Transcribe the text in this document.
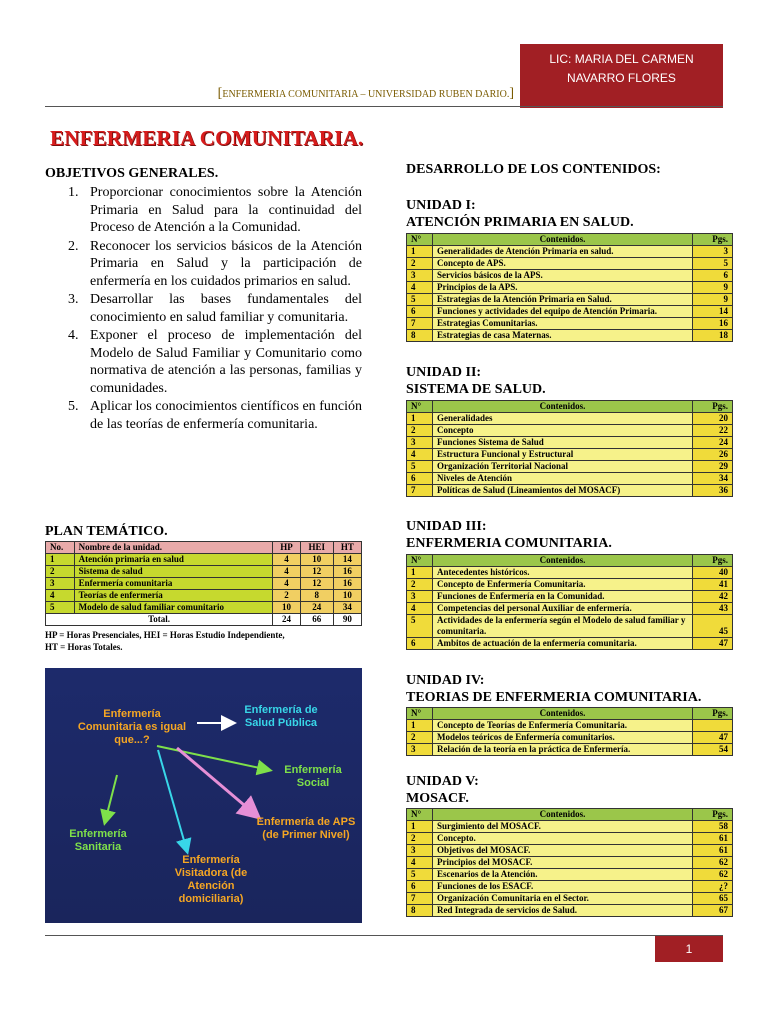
LIC: MARIA DEL CARMEN
NAVARRO FLORES
[ENFERMERIA COMUNITARIA – UNIVERSIDAD RUBEN DARIO.]
ENFERMERIA COMUNITARIA.
OBJETIVOS GENERALES.
1. Proporcionar conocimientos sobre la Atención Primaria en Salud para la continuidad del Proceso de Atención a la Comunidad.
2. Reconocer los servicios básicos de la Atención Primaria en Salud y la participación de enfermería en los cuidados primarios en salud.
3. Desarrollar las bases fundamentales del conocimiento en salud familiar y comunitaria.
4. Exponer el proceso de implementación del Modelo de Salud Familiar y Comunitario como normativa de atención a las personas, familias y comunidades.
5. Aplicar los conocimientos científicos en función de las teorías de enfermería comunitaria.
PLAN TEMÁTICO.
No.	Nombre de la unidad.	HP	HEI	HT
1	Atención primaria en salud	4	10	14
2	Sistema de salud	4	12	16
3	Enfermería comunitaria	4	12	16
4	Teorías de enfermería	2	8	10
5	Modelo de salud familiar comunitario	10	24	34
Total.		24	66	90
HP = Horas Presenciales, HEI = Horas Estudio Independiente,
HT = Horas Totales.
Enfermería Comunitaria es igual que...?
Enfermería de Salud Pública
Enfermería Social
Enfermería Sanitaria
Enfermería de APS (de Primer Nivel)
Enfermería Visitadora (de Atención domiciliaria)
DESARROLLO DE LOS CONTENIDOS:
UNIDAD I:
ATENCIÓN PRIMARIA EN SALUD.
N°	Contenidos.	Pgs.
1	Generalidades de Atención Primaria en salud.	3
2	Concepto de APS.	5
3	Servicios básicos de la APS.	6
4	Principios de la APS.	9
5	Estrategias de la Atención Primaria en Salud.	9
6	Funciones y actividades del equipo de Atención Primaria.	14
7	Estrategias Comunitarias.	16
8	Estrategias de casa Maternas.	18
UNIDAD II:
SISTEMA DE SALUD.
N°	Contenidos.	Pgs.
1	Generalidades	20
2	Concepto	22
3	Funciones Sistema de Salud	24
4	Estructura Funcional y Estructural	26
5	Organización Territorial Nacional	29
6	Niveles de Atención	34
7	Políticas de Salud (Lineamientos del MOSACF)	36
UNIDAD III:
ENFERMERIA COMUNITARIA.
N°	Contenidos.	Pgs.
1	Antecedentes históricos.	40
2	Concepto de Enfermería Comunitaria.	41
3	Funciones de Enfermería en la Comunidad.	42
4	Competencias del personal Auxiliar de enfermería.	43
5	Actividades de la enfermería según el Modelo de salud familiar y comunitaria.	45
6	Ambitos de actuación de la enfermería comunitaria.	47
UNIDAD IV:
TEORIAS DE ENFERMERIA COMUNITARIA.
N°	Contenidos.	Pgs.
1	Concepto de Teorías de Enfermería Comunitaria.	
2	Modelos teóricos de Enfermería comunitarios.	47
3	Relación de la teoría en la práctica de Enfermería.	54
UNIDAD V:
MOSACF.
N°	Contenidos.	Pgs.
1	Surgimiento del MOSACF.	58
2	Concepto.	61
3	Objetivos del MOSACF.	61
4	Principios del MOSACF.	62
5	Escenarios de la Atención.	62
6	Funciones de los ESACF.	¿?
7	Organización Comunitaria en el Sector.	65
8	Red Integrada de servicios de Salud.	67
1
